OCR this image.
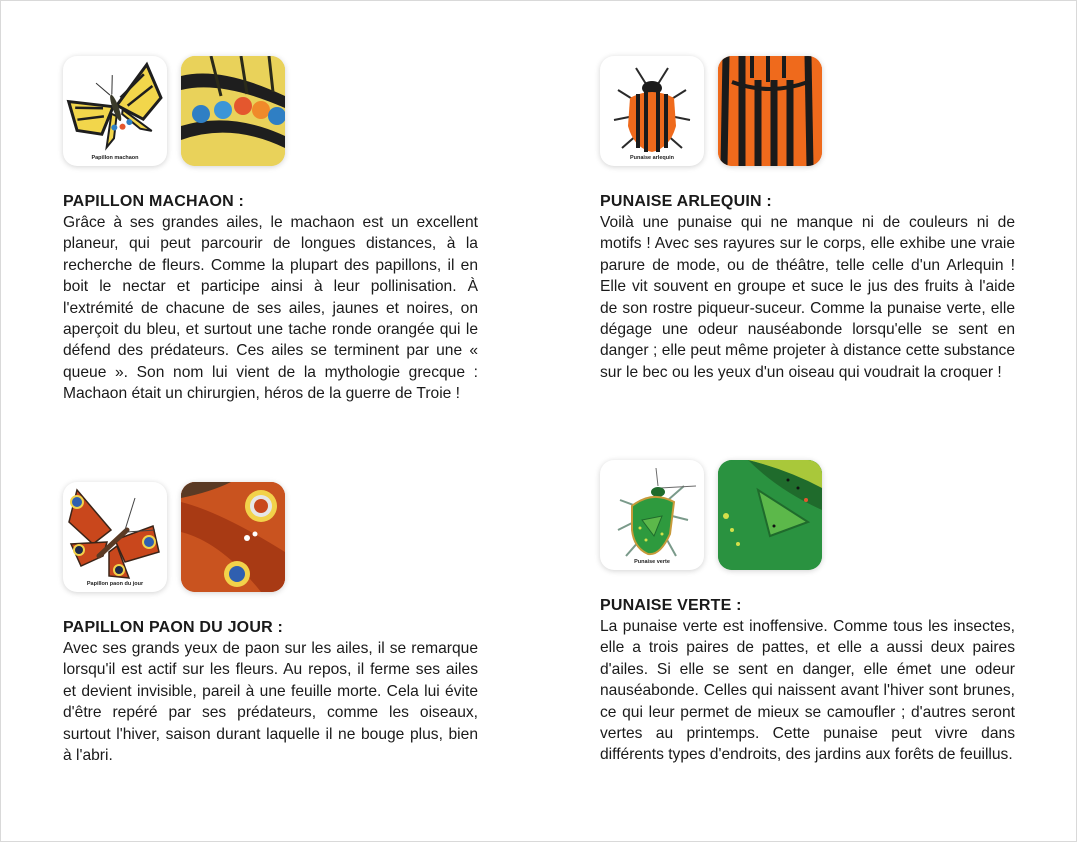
Papillon machaon
PAPILLON MACHAON :

Grâce à ses grandes ailes, le machaon est un excellent planeur, qui peut parcourir de longues distances, à la recherche de fleurs. Comme la plupart des papillons, il en boit le nectar et participe ainsi à leur pollinisation. À l'extrémité de chacune de ses ailes, jaunes et noires, on aperçoit du bleu, et surtout une tache ronde orangée qui le défend des prédateurs. Ces ailes se terminent par une « queue ». Son nom lui vient de la mythologie grecque : Machaon était un chirurgien, héros de la guerre de Troie !

Punaise arlequin
PUNAISE ARLEQUIN :

Voilà une punaise qui ne manque ni de couleurs ni de motifs ! Avec ses rayures sur le corps, elle exhibe une vraie parure de mode, ou de théâtre, telle celle d'un Arlequin ! Elle vit souvent en groupe et suce le jus des fruits à l'aide de son rostre piqueur-suceur. Comme la punaise verte, elle dégage une odeur nauséabonde lorsqu'elle se sent en danger ; elle peut même projeter à distance cette substance sur le bec ou les yeux d'un oiseau qui voudrait la croquer !

Papillon paon du jour
PAPILLON PAON DU JOUR :

Avec ses grands yeux de paon sur les ailes, il se remarque lorsqu'il est actif sur les fleurs. Au repos, il ferme ses ailes et devient invisible, pareil à une feuille morte. Cela lui évite d'être repéré par ses prédateurs, comme les oiseaux, surtout l'hiver, saison durant laquelle il ne bouge plus, bien à l'abri.

Punaise verte
PUNAISE VERTE :

La punaise verte est inoffensive. Comme tous les insectes, elle a trois paires de pattes, et elle a aussi deux paires d'ailes. Si elle se sent en danger, elle émet une odeur nauséabonde. Celles qui naissent avant l'hiver sont brunes, ce qui leur permet de mieux se camoufler ; d'autres seront vertes au printemps. Cette punaise peut vivre dans différents types d'endroits, des jardins aux forêts de feuillus.
